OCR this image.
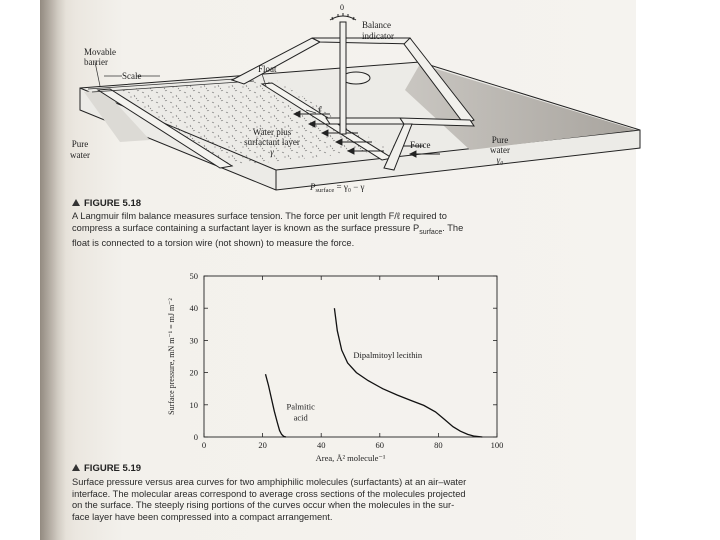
0
Balance
indicator
Movable
barrier
Scale
Float
ℓ
Pure
water
Water plus
surfactant layer
γ
Force	Pure
water
γ₀
$P_{surface} = \gamma_0 - \gamma$
FIGURE 5.18
A Langmuir film balance measures surface tension. The force per unit length F/ℓ required to
compress a surface containing a surfactant layer is known as the surface pressure $P_{surface}$. The
float is connected to a torsion wire (not shown) to measure the force.
0	20	40	60	80	100
0
10
20
30
40
50
Area, Å² molecule⁻¹
Surface pressure, mN m⁻¹ = mJ m⁻²	Palmitic
acid
Dipalmitoyl lecithin
FIGURE 5.19
Surface pressure versus area curves for two amphiphilic molecules (surfactants) at an air–water
interface. The molecular areas correspond to average cross sections of the molecules projected
on the surface. The steeply rising portions of the curves occur when the molecules in the sur-
face layer have been compressed into a compact arrangement.
